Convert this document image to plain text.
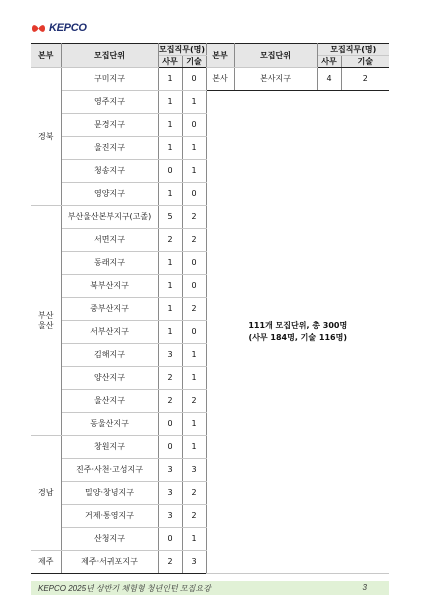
KEPCO
본부	모집단위	모집직무(명)		본부	모집단위	모집직무(명)	
		사무	기술			사무	기술
경북	구미지구	1	0	본사	본사지구	4	2
	영주지구	1	1	111개 모집단위, 총 300명
(사무 184명, 기술 116명)			

	문경지구	1	0				
	울진지구	1	1				
	청송지구	0	1				
	영양지구	1	0				
부산
울산	부산울산본부지구(고졸)	5	2				
	서면지구	2	2				
	동래지구	1	0				
	북부산지구	1	0				
	중부산지구	1	2				
	서부산지구	1	0				
	김해지구	3	1				
	양산지구	2	1				
	울산지구	2	2				
	동울산지구	0	1				
경남	창원지구	0	1				
	진주·사천·고성지구	3	3				
	밀양·창녕지구	3	2				
	거제·통영지구	3	2				
	산청지구	0	1				
제주	제주·서귀포지구	2	3				
KEPCO 2025년 상반기 체험형 청년인턴 모집요강	3
